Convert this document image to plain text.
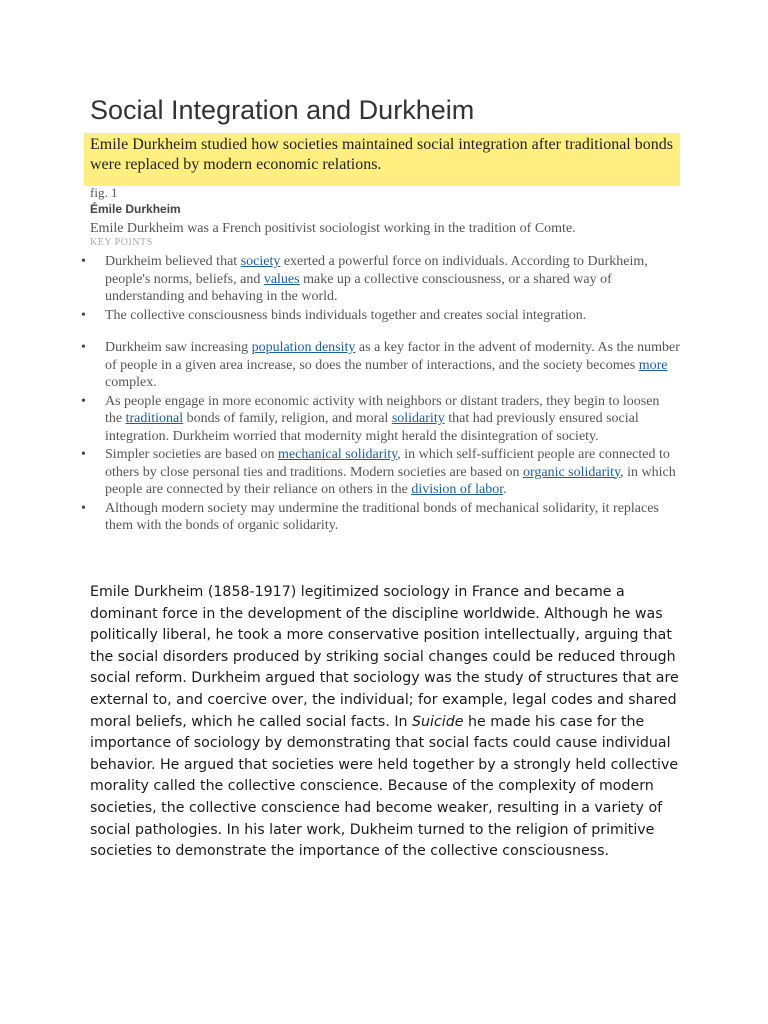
Social Integration and Durkheim

Emile Durkheim studied how societies maintained social integration after traditional bonds were replaced by modern economic relations.

fig. 1
Émile Durkheim
Emile Durkheim was a French positivist sociologist working in the tradition of Comte.
KEY POINTS
• Durkheim believed that society exerted a powerful force on individuals. According to Durkheim, people's norms, beliefs, and values make up a collective consciousness, or a shared way of understanding and behaving in the world.
• The collective consciousness binds individuals together and creates social integration.
• Durkheim saw increasing population density as a key factor in the advent of modernity. As the number of people in a given area increase, so does the number of interactions, and the society becomes more complex.
• As people engage in more economic activity with neighbors or distant traders, they begin to loosen the traditional bonds of family, religion, and moral solidarity that had previously ensured social integration. Durkheim worried that modernity might herald the disintegration of society.
• Simpler societies are based on mechanical solidarity, in which self-sufficient people are connected to others by close personal ties and traditions. Modern societies are based on organic solidarity, in which people are connected by their reliance on others in the division of labor.
• Although modern society may undermine the traditional bonds of mechanical solidarity, it replaces them with the bonds of organic solidarity.

Emile Durkheim (1858-1917) legitimized sociology in France and became a dominant force in the development of the discipline worldwide. Although he was politically liberal, he took a more conservative position intellectually, arguing that the social disorders produced by striking social changes could be reduced through social reform. Durkheim argued that sociology was the study of structures that are external to, and coercive over, the individual; for example, legal codes and shared moral beliefs, which he called social facts. In Suicide he made his case for the importance of sociology by demonstrating that social facts could cause individual behavior. He argued that societies were held together by a strongly held collective morality called the collective conscience. Because of the complexity of modern societies, the collective conscience had become weaker, resulting in a variety of social pathologies. In his later work, Dukheim turned to the religion of primitive societies to demonstrate the importance of the collective consciousness.
